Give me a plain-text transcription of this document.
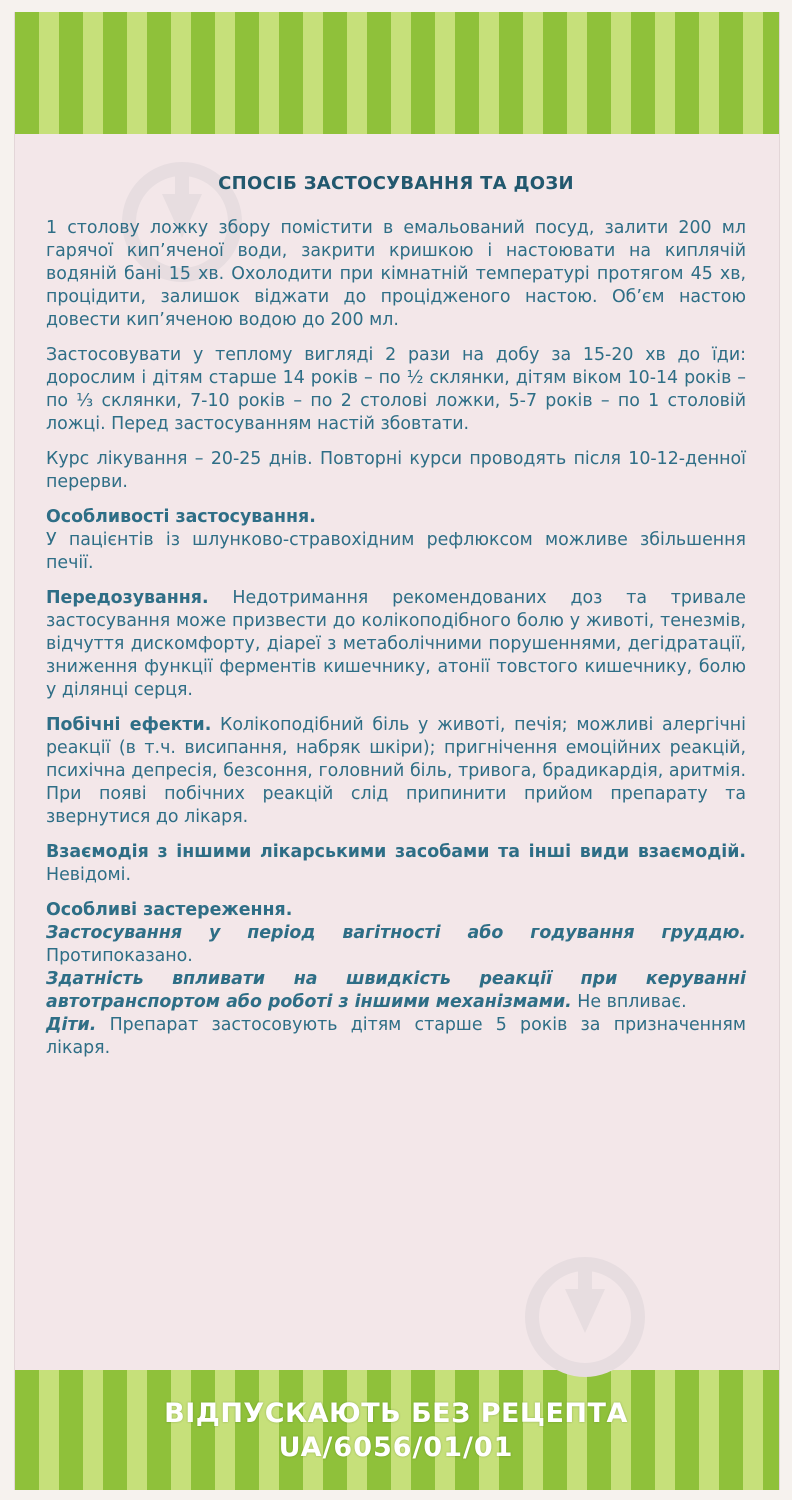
СПОСІБ ЗАСТОСУВАННЯ ТА ДОЗИ

1 столову ложку збору помістити в емальований посуд, залити 200 мл гарячої кип’яченої води, закрити кришкою і настоювати на киплячій водяній бані 15 хв. Охолодити при кімнатній температурі протягом 45 хв, процідити, залишок віджати до процідженого настою. Об’єм настою довести кип’яченою водою до 200 мл.

Застосовувати у теплому вигляді 2 рази на добу за 15-20 хв до їди: дорослим і дітям старше 14 років – по ½ склянки, дітям віком 10-14 років – по ⅓ склянки, 7-10 років – по 2 столові ложки, 5-7 років – по 1 столовій ложці. Перед застосуванням настій збовтати.

Курс лікування – 20-25 днів. Повторні курси проводять після 10-12-денної перерви.

Особливості застосування.
У пацієнтів із шлунково-стравохідним рефлюксом можливе збільшення печії.

Передозування. Недотримання рекомендованих доз та тривале застосування може призвести до колікоподібного болю у животі, тенезмів, відчуття дискомфорту, діареї з метаболічними порушеннями, дегідратації, зниження функції ферментів кишечнику, атонії товстого кишечнику, болю у ділянці серця.

Побічні ефекти. Колікоподібний біль у животі, печія; можливі алергічні реакції (в т.ч. висипання, набряк шкіри); пригнічення емоційних реакцій, психічна депресія, безсоння, головний біль, тривога, брадикардія, аритмія. При появі побічних реакцій слід припинити прийом препарату та звернутися до лікаря.

Взаємодія з іншими лікарськими засобами та інші види взаємодій. Невідомі.

Особливі застереження.
Застосування у період вагітності або годування груддю. Протипоказано.
Здатність впливати на швидкість реакції при керуванні автотранспортом або роботі з іншими механізмами. Не впливає.
Діти. Препарат застосовують дітям старше 5 років за призначенням лікаря.

ВІДПУСКАЮТЬ БЕЗ РЕЦЕПТА
UA/6056/01/01
